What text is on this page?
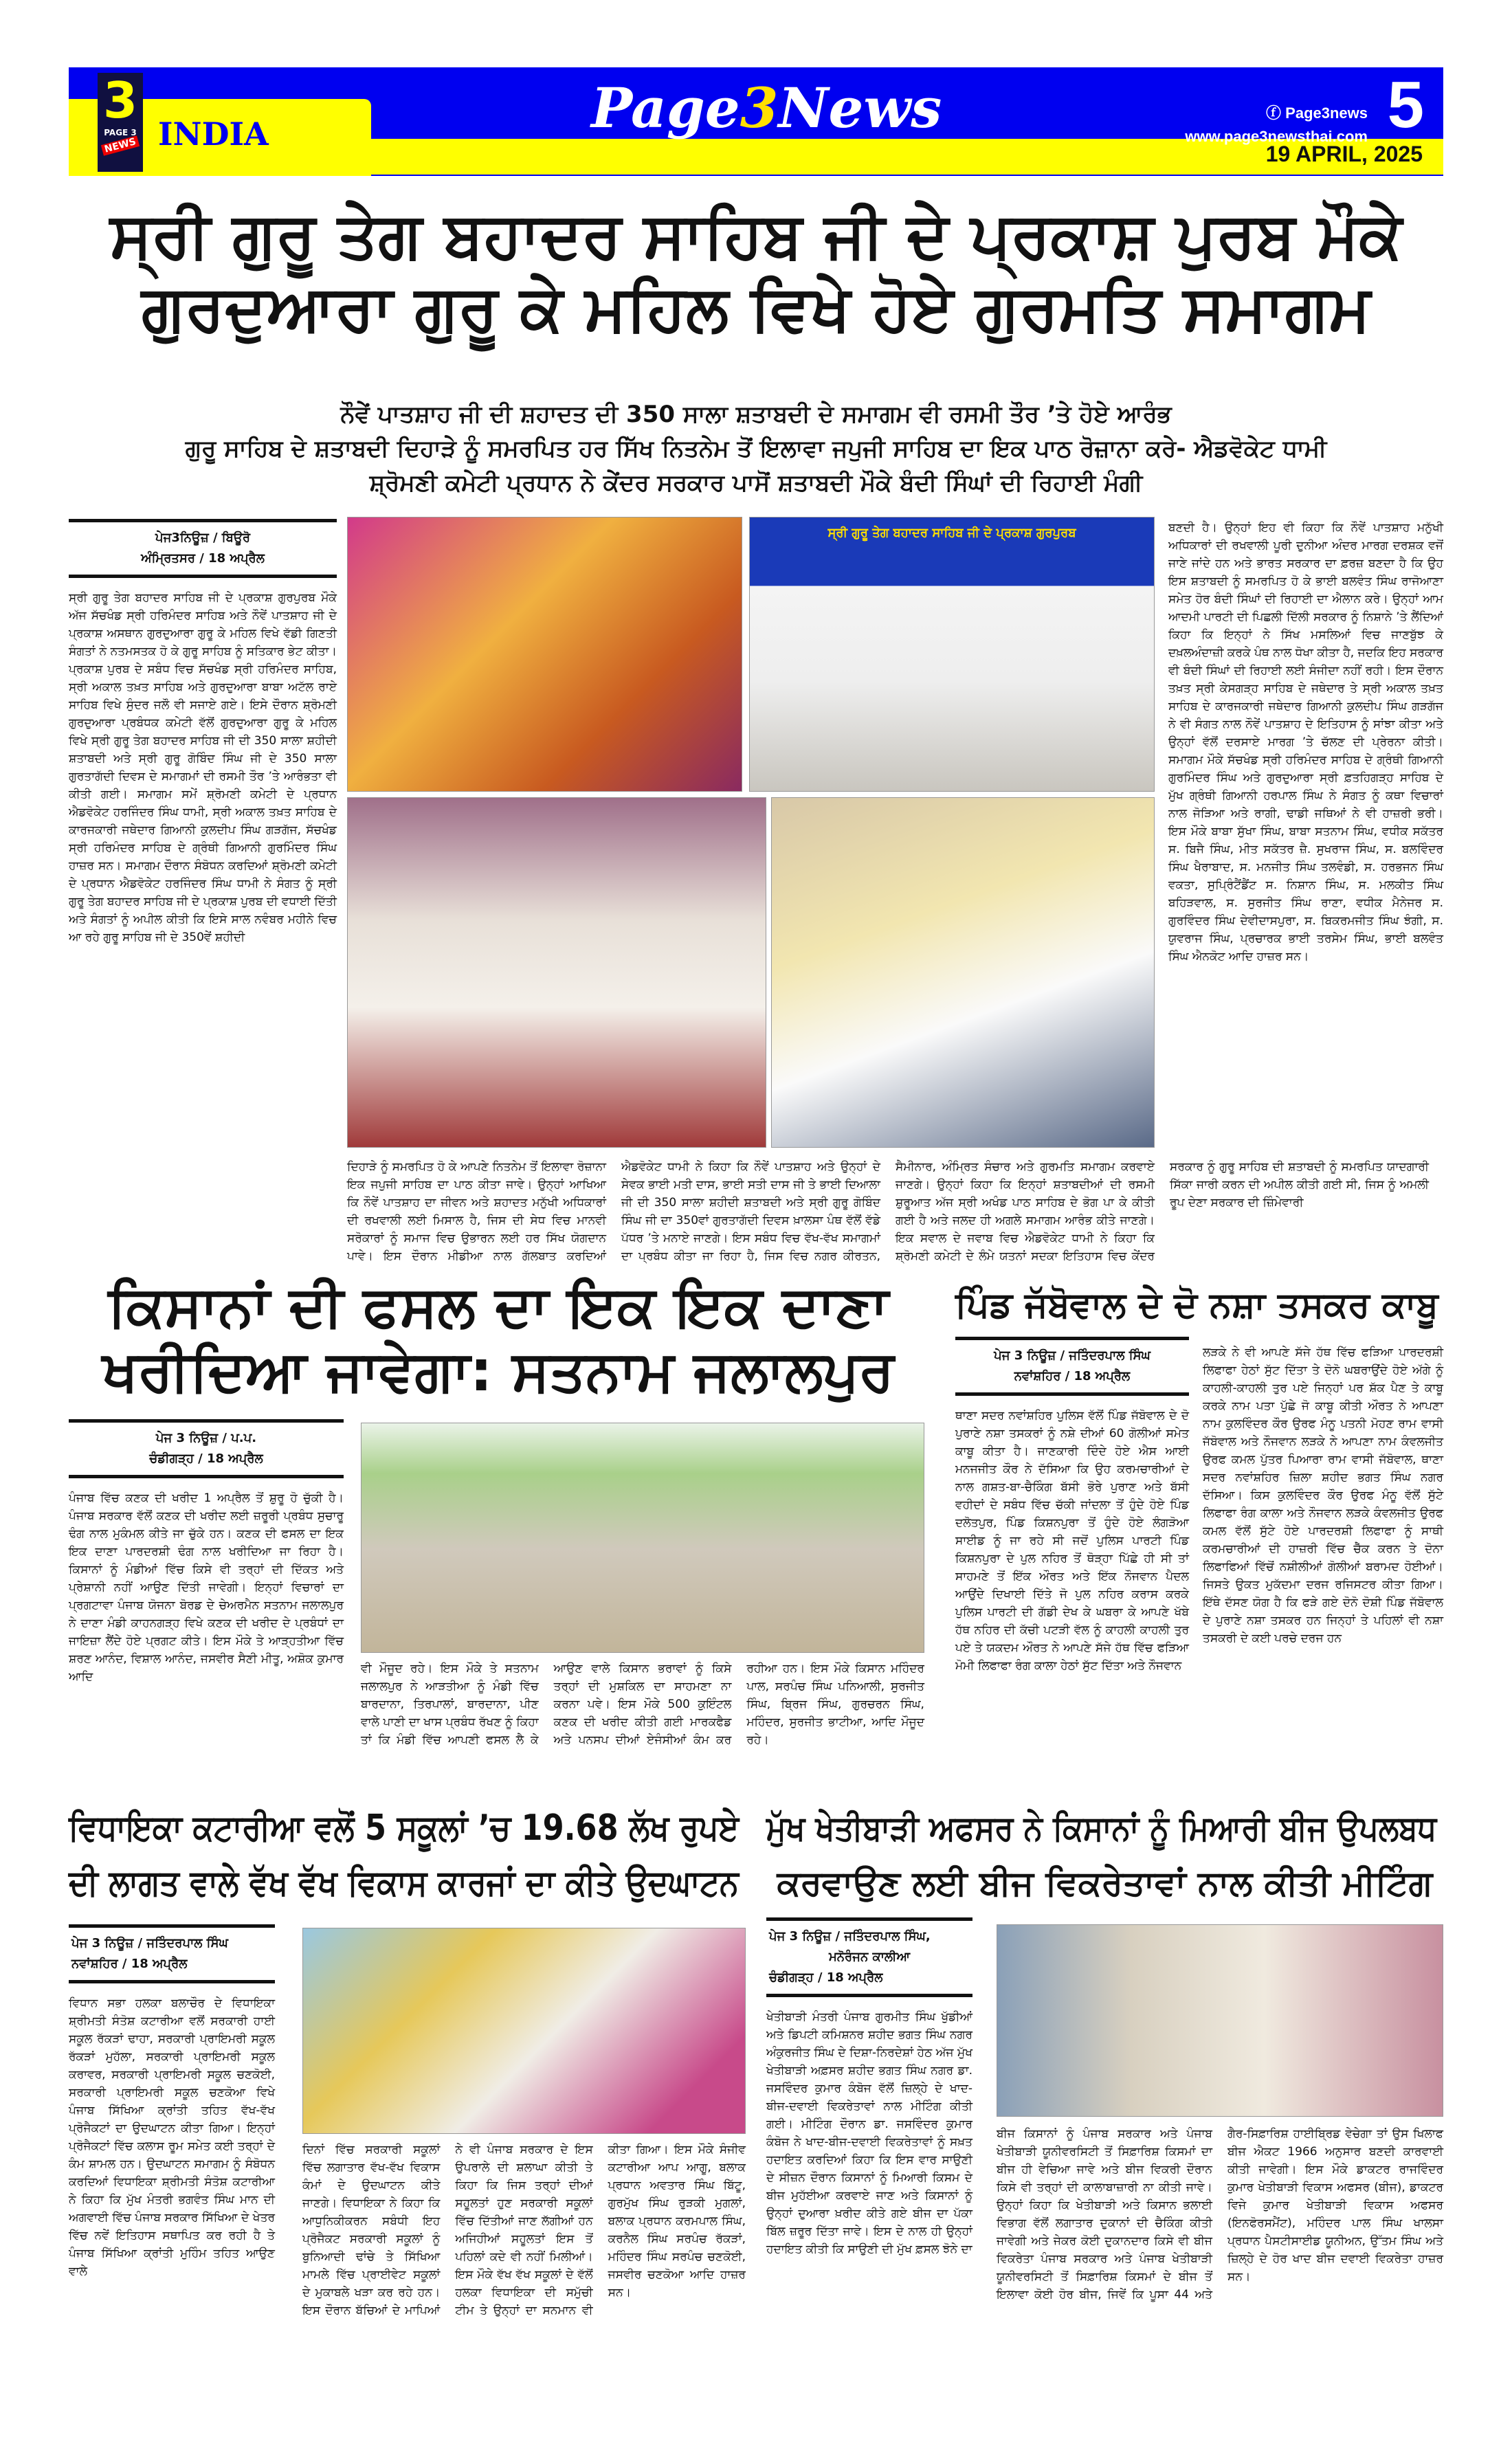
3
PAGE 3
NEWS INDIA	Page3News	ⓕ Page3news
www.page3newsthai.com 5
19 APRIL, 2025
ਸ੍ਰੀ ਗੁਰੂ ਤੇਗ ਬਹਾਦਰ ਸਾਹਿਬ ਜੀ ਦੇ ਪ੍ਰਕਾਸ਼ ਪੁਰਬ ਮੌਕੇ
ਗੁਰਦੁਆਰਾ ਗੁਰੂ ਕੇ ਮਹਿਲ ਵਿਖੇ ਹੋਏ ਗੁਰਮਤਿ ਸਮਾਗਮ
ਨੌਵੇਂ ਪਾਤਸ਼ਾਹ ਜੀ ਦੀ ਸ਼ਹਾਦਤ ਦੀ 350 ਸਾਲਾ ਸ਼ਤਾਬਦੀ ਦੇ ਸਮਾਗਮ ਵੀ ਰਸਮੀ ਤੌਰ ’ਤੇ ਹੋਏ ਆਰੰਭ
ਗੁਰੂ ਸਾਹਿਬ ਦੇ ਸ਼ਤਾਬਦੀ ਦਿਹਾੜੇ ਨੂੰ ਸਮਰਪਿਤ ਹਰ ਸਿੱਖ ਨਿਤਨੇਮ ਤੋਂ ਇਲਾਵਾ ਜਪੁਜੀ ਸਾਹਿਬ ਦਾ ਇਕ ਪਾਠ ਰੋਜ਼ਾਨਾ ਕਰੇ- ਐਡਵੋਕੇਟ ਧਾਮੀ
ਸ਼੍ਰੋਮਣੀ ਕਮੇਟੀ ਪ੍ਰਧਾਨ ਨੇ ਕੇਂਦਰ ਸਰਕਾਰ ਪਾਸੋਂ ਸ਼ਤਾਬਦੀ ਮੌਕੇ ਬੰਦੀ ਸਿੰਘਾਂ ਦੀ ਰਿਹਾਈ ਮੰਗੀ
ਪੇਜ3ਨਿਊਜ਼ / ਬਿਊਰੋ
ਅੰਮ੍ਰਿਤਸਰ / 18 ਅਪ੍ਰੈਲ
ਸ੍ਰੀ ਗੁਰੂ ਤੇਗ ਬਹਾਦਰ ਸਾਹਿਬ ਜੀ ਦੇ ਪ੍ਰਕਾਸ਼ ਗੁਰਪੁਰਬ ਮੌਕੇ ਅੱਜ ਸੱਚਖੰਡ ਸ੍ਰੀ ਹਰਿਮੰਦਰ ਸਾਹਿਬ ਅਤੇ ਨੌਵੇਂ ਪਾਤਸ਼ਾਹ ਜੀ ਦੇ ਪ੍ਰਕਾਸ਼ ਅਸਥਾਨ ਗੁਰਦੁਆਰਾ ਗੁਰੂ ਕੇ ਮਹਿਲ ਵਿਖੇ ਵੱਡੀ ਗਿਣਤੀ ਸੰਗਤਾਂ ਨੇ ਨਤਮਸਤਕ ਹੋ ਕੇ ਗੁਰੂ ਸਾਹਿਬ ਨੂੰ ਸਤਿਕਾਰ ਭੇਟ ਕੀਤਾ। ਪ੍ਰਕਾਸ਼ ਪੁਰਬ ਦੇ ਸਬੰਧ ਵਿਚ ਸੱਚਖੰਡ ਸ੍ਰੀ ਹਰਿਮੰਦਰ ਸਾਹਿਬ, ਸ੍ਰੀ ਅਕਾਲ ਤਖ਼ਤ ਸਾਹਿਬ ਅਤੇ ਗੁਰਦੁਆਰਾ ਬਾਬਾ ਅਟੱਲ ਰਾਏ ਸਾਹਿਬ ਵਿਖੇ ਸੁੰਦਰ ਜਲੌ ਵੀ ਸਜਾਏ ਗਏ। ਇਸੇ ਦੌਰਾਨ ਸ਼੍ਰੋਮਣੀ ਗੁਰਦੁਆਰਾ ਪ੍ਰਬੰਧਕ ਕਮੇਟੀ ਵੱਲੋਂ ਗੁਰਦੁਆਰਾ ਗੁਰੂ ਕੇ ਮਹਿਲ ਵਿਖੇ ਸ੍ਰੀ ਗੁਰੂ ਤੇਗ ਬਹਾਦਰ ਸਾਹਿਬ ਜੀ ਦੀ 350 ਸਾਲਾ ਸ਼ਹੀਦੀ ਸ਼ਤਾਬਦੀ ਅਤੇ ਸ੍ਰੀ ਗੁਰੂ ਗੋਬਿੰਦ ਸਿੰਘ ਜੀ ਦੇ 350 ਸਾਲਾ ਗੁਰਤਾਗੱਦੀ ਦਿਵਸ ਦੇ ਸਮਾਗਮਾਂ ਦੀ ਰਸਮੀ ਤੌਰ ’ਤੇ ਆਰੰਭਤਾ ਵੀ ਕੀਤੀ ਗਈ। ਸਮਾਗਮ ਸਮੇਂ ਸ਼੍ਰੋਮਣੀ ਕਮੇਟੀ ਦੇ ਪ੍ਰਧਾਨ ਐਡਵੋਕੇਟ ਹਰਜਿੰਦਰ ਸਿੰਘ ਧਾਮੀ, ਸ੍ਰੀ ਅਕਾਲ ਤਖ਼ਤ ਸਾਹਿਬ ਦੇ ਕਾਰਜਕਾਰੀ ਜਥੇਦਾਰ ਗਿਆਨੀ ਕੁਲਦੀਪ ਸਿੰਘ ਗੜਗੱਜ, ਸੱਚਖੰਡ ਸ੍ਰੀ ਹਰਿਮੰਦਰ ਸਾਹਿਬ ਦੇ ਗ੍ਰੰਥੀ ਗਿਆਨੀ ਗੁਰਮਿੰਦਰ ਸਿੰਘ ਹਾਜ਼ਰ ਸਨ। ਸਮਾਗਮ ਦੌਰਾਨ ਸੰਬੋਧਨ ਕਰਦਿਆਂ ਸ਼੍ਰੋਮਣੀ ਕਮੇਟੀ ਦੇ ਪ੍ਰਧਾਨ ਐਡਵੋਕੇਟ ਹਰਜਿੰਦਰ ਸਿੰਘ ਧਾਮੀ ਨੇ ਸੰਗਤ ਨੂੰ ਸ੍ਰੀ ਗੁਰੂ ਤੇਗ ਬਹਾਦਰ ਸਾਹਿਬ ਜੀ ਦੇ ਪ੍ਰਕਾਸ਼ ਪੁਰਬ ਦੀ ਵਧਾਈ ਦਿੱਤੀ ਅਤੇ ਸੰਗਤਾਂ ਨੂੰ ਅਪੀਲ ਕੀਤੀ ਕਿ ਇਸੇ ਸਾਲ ਨਵੰਬਰ ਮਹੀਨੇ ਵਿਚ ਆ ਰਹੇ ਗੁਰੂ ਸਾਹਿਬ ਜੀ ਦੇ 350ਵੇਂ ਸ਼ਹੀਦੀ
ਸ੍ਰੀ ਗੁਰੂ ਤੇਗ ਬਹਾਦਰ ਸਾਹਿਬ ਜੀ ਦੇ ਪ੍ਰਕਾਸ਼ ਗੁਰਪੁਰਬ
ਦਿਹਾੜੇ ਨੂੰ ਸਮਰਪਿਤ ਹੋ ਕੇ ਆਪਣੇ ਨਿਤਨੇਮ ਤੋਂ ਇਲਾਵਾ ਰੋਜ਼ਾਨਾ ਇਕ ਜਪੁਜੀ ਸਾਹਿਬ ਦਾ ਪਾਠ ਕੀਤਾ ਜਾਵੇ। ਉਨ੍ਹਾਂ ਆਖਿਆ ਕਿ ਨੌਵੇਂ ਪਾਤਸ਼ਾਹ ਦਾ ਜੀਵਨ ਅਤੇ ਸ਼ਹਾਦਤ ਮਨੁੱਖੀ ਅਧਿਕਾਰਾਂ ਦੀ ਰਖਵਾਲੀ ਲਈ ਮਿਸਾਲ ਹੈ, ਜਿਸ ਦੀ ਸੇਧ ਵਿਚ ਮਾਨਵੀ ਸਰੋਕਾਰਾਂ ਨੂੰ ਸਮਾਜ ਵਿਚ ਉਭਾਰਨ ਲਈ ਹਰ ਸਿੱਖ ਯੋਗਦਾਨ ਪਾਵੇ। ਇਸ ਦੌਰਾਨ ਮੀਡੀਆ ਨਾਲ ਗੱਲਬਾਤ ਕਰਦਿਆਂ ਐਡਵੋਕੇਟ ਧਾਮੀ ਨੇ ਕਿਹਾ ਕਿ ਨੌਵੇਂ ਪਾਤਸ਼ਾਹ ਅਤੇ ਉਨ੍ਹਾਂ ਦੇ ਸੇਵਕ ਭਾਈ ਮਤੀ ਦਾਸ, ਭਾਈ ਸਤੀ ਦਾਸ ਜੀ ਤੇ ਭਾਈ ਦਿਆਲਾ ਜੀ ਦੀ 350 ਸਾਲਾ ਸ਼ਹੀਦੀ ਸ਼ਤਾਬਦੀ ਅਤੇ ਸ੍ਰੀ ਗੁਰੂ ਗੋਬਿੰਦ ਸਿੰਘ ਜੀ ਦਾ 350ਵਾਂ ਗੁਰਤਾਗੱਦੀ ਦਿਵਸ ਖ਼ਾਲਸਾ ਪੰਥ ਵੱਲੋਂ ਵੱਡੇ ਪੱਧਰ ’ਤੇ ਮਨਾਏ ਜਾਣਗੇ। ਇਸ ਸਬੰਧ ਵਿਚ ਵੱਖ-ਵੱਖ ਸਮਾਗਮਾਂ ਦਾ ਪ੍ਰਬੰਧ ਕੀਤਾ ਜਾ ਰਿਹਾ ਹੈ, ਜਿਸ ਵਿਚ ਨਗਰ ਕੀਰਤਨ, ਸੈਮੀਨਾਰ, ਅੰਮ੍ਰਿਤ ਸੰਚਾਰ ਅਤੇ ਗੁਰਮਤਿ ਸਮਾਗਮ ਕਰਵਾਏ ਜਾਣਗੇ। ਉਨ੍ਹਾਂ ਕਿਹਾ ਕਿ ਇਨ੍ਹਾਂ ਸ਼ਤਾਬਦੀਆਂ ਦੀ ਰਸਮੀ ਸ਼ੁਰੂਆਤ ਅੱਜ ਸ੍ਰੀ ਅਖੰਡ ਪਾਠ ਸਾਹਿਬ ਦੇ ਭੋਗ ਪਾ ਕੇ ਕੀਤੀ ਗਈ ਹੈ ਅਤੇ ਜਲਦ ਹੀ ਅਗਲੇ ਸਮਾਗਮ ਆਰੰਭ ਕੀਤੇ ਜਾਣਗੇ। ਇਕ ਸਵਾਲ ਦੇ ਜਵਾਬ ਵਿਚ ਐਡਵੋਕੇਟ ਧਾਮੀ ਨੇ ਕਿਹਾ ਕਿ ਸ਼੍ਰੋਮਣੀ ਕਮੇਟੀ ਦੇ ਲੰਮੇ ਯਤਨਾਂ ਸਦਕਾ ਇਤਿਹਾਸ ਵਿਚ ਕੇਂਦਰ ਸਰਕਾਰ ਨੂੰ ਗੁਰੂ ਸਾਹਿਬ ਦੀ ਸ਼ਤਾਬਦੀ ਨੂੰ ਸਮਰਪਿਤ ਯਾਦਗਾਰੀ ਸਿੱਕਾ ਜਾਰੀ ਕਰਨ ਦੀ ਅਪੀਲ ਕੀਤੀ ਗਈ ਸੀ, ਜਿਸ ਨੂੰ ਅਮਲੀ ਰੂਪ ਦੇਣਾ ਸਰਕਾਰ ਦੀ ਜ਼ਿੰਮੇਵਾਰੀ
ਬਣਦੀ ਹੈ। ਉਨ੍ਹਾਂ ਇਹ ਵੀ ਕਿਹਾ ਕਿ ਨੌਵੇਂ ਪਾਤਸ਼ਾਹ ਮਨੁੱਖੀ ਅਧਿਕਾਰਾਂ ਦੀ ਰਖਵਾਲੀ ਪੂਰੀ ਦੁਨੀਆ ਅੰਦਰ ਮਾਰਗ ਦਰਸ਼ਕ ਵਜੋਂ ਜਾਣੇ ਜਾਂਦੇ ਹਨ ਅਤੇ ਭਾਰਤ ਸਰਕਾਰ ਦਾ ਫ਼ਰਜ਼ ਬਣਦਾ ਹੈ ਕਿ ਉਹ ਇਸ ਸ਼ਤਾਬਦੀ ਨੂੰ ਸਮਰਪਿਤ ਹੋ ਕੇ ਭਾਈ ਬਲਵੰਤ ਸਿੰਘ ਰਾਜੋਆਣਾ ਸਮੇਤ ਹੋਰ ਬੰਦੀ ਸਿੰਘਾਂ ਦੀ ਰਿਹਾਈ ਦਾ ਐਲਾਨ ਕਰੇ। ਉਨ੍ਹਾਂ ਆਮ ਆਦਮੀ ਪਾਰਟੀ ਦੀ ਪਿਛਲੀ ਦਿੱਲੀ ਸਰਕਾਰ ਨੂੰ ਨਿਸ਼ਾਨੇ ’ਤੇ ਲੈਂਦਿਆਂ ਕਿਹਾ ਕਿ ਇਨ੍ਹਾਂ ਨੇ ਸਿੱਖ ਮਸਲਿਆਂ ਵਿਚ ਜਾਣਬੁੱਝ ਕੇ ਦਖ਼ਲਅੰਦਾਜ਼ੀ ਕਰਕੇ ਪੰਥ ਨਾਲ ਧੋਖਾ ਕੀਤਾ ਹੈ, ਜਦਕਿ ਇਹ ਸਰਕਾਰ ਵੀ ਬੰਦੀ ਸਿੰਘਾਂ ਦੀ ਰਿਹਾਈ ਲਈ ਸੰਜੀਦਾ ਨਹੀਂ ਰਹੀ। ਇਸ ਦੌਰਾਨ ਤਖ਼ਤ ਸ੍ਰੀ ਕੇਸਗੜ੍ਹ ਸਾਹਿਬ ਦੇ ਜਥੇਦਾਰ ਤੇ ਸ੍ਰੀ ਅਕਾਲ ਤਖ਼ਤ ਸਾਹਿਬ ਦੇ ਕਾਰਜਕਾਰੀ ਜਥੇਦਾਰ ਗਿਆਨੀ ਕੁਲਦੀਪ ਸਿੰਘ ਗੜਗੱਜ ਨੇ ਵੀ ਸੰਗਤ ਨਾਲ ਨੌਵੇਂ ਪਾਤਸ਼ਾਹ ਦੇ ਇਤਿਹਾਸ ਨੂੰ ਸਾਂਝਾ ਕੀਤਾ ਅਤੇ ਉਨ੍ਹਾਂ ਵੱਲੋਂ ਦਰਸਾਏ ਮਾਰਗ ’ਤੇ ਚੱਲਣ ਦੀ ਪ੍ਰੇਰਨਾ ਕੀਤੀ। ਸਮਾਗਮ ਮੌਕੇ ਸੱਚਖੰਡ ਸ੍ਰੀ ਹਰਿਮੰਦਰ ਸਾਹਿਬ ਦੇ ਗ੍ਰੰਥੀ ਗਿਆਨੀ ਗੁਰਮਿੰਦਰ ਸਿੰਘ ਅਤੇ ਗੁਰਦੁਆਰਾ ਸ੍ਰੀ ਫ਼ਤਹਿਗੜ੍ਹ ਸਾਹਿਬ ਦੇ ਮੁੱਖ ਗ੍ਰੰਥੀ ਗਿਆਨੀ ਹਰਪਾਲ ਸਿੰਘ ਨੇ ਸੰਗਤ ਨੂੰ ਕਥਾ ਵਿਚਾਰਾਂ ਨਾਲ ਜੋੜਿਆ ਅਤੇ ਰਾਗੀ, ਢਾਡੀ ਜਥਿਆਂ ਨੇ ਵੀ ਹਾਜ਼ਰੀ ਭਰੀ। ਇਸ ਮੌਕੇ ਬਾਬਾ ਸੁੱਖਾ ਸਿੰਘ, ਬਾਬਾ ਸਤਨਾਮ ਸਿੰਘ, ਵਧੀਕ ਸਕੱਤਰ ਸ. ਬਿਜੈ ਸਿੰਘ, ਮੀਤ ਸਕੱਤਰ ਜ਼ੈ. ਸੁਖਰਾਜ ਸਿੰਘ, ਸ. ਬਲਵਿੰਦਰ ਸਿੰਘ ਖੈਰਾਬਾਦ, ਸ. ਮਨਜੀਤ ਸਿੰਘ ਤਲਵੰਡੀ, ਸ. ਹਰਭਜਨ ਸਿੰਘ ਵਕਤਾ, ਸੁਪ੍ਰਿੰਟੈਂਡੈਂਟ ਸ. ਨਿਸ਼ਾਨ ਸਿੰਘ, ਸ. ਮਲਕੀਤ ਸਿੰਘ ਬਹਿੜਵਾਲ, ਸ. ਸੁਰਜੀਤ ਸਿੰਘ ਰਾਣਾ, ਵਧੀਕ ਮੈਨੇਜਰ ਸ. ਗੁਰਵਿੰਦਰ ਸਿੰਘ ਦੇਵੀਦਾਸਪੁਰਾ, ਸ. ਬਿਕਰਮਜੀਤ ਸਿੰਘ ਝੰਗੀ, ਸ. ਯੁਵਰਾਜ ਸਿੰਘ, ਪ੍ਰਚਾਰਕ ਭਾਈ ਤਰਸੇਮ ਸਿੰਘ, ਭਾਈ ਬਲਵੰਤ ਸਿੰਘ ਐਨਕੋਟ ਆਦਿ ਹਾਜ਼ਰ ਸਨ।
ਕਿਸਾਨਾਂ ਦੀ ਫਸਲ ਦਾ ਇਕ ਇਕ ਦਾਣਾ
ਖਰੀਦਿਆ ਜਾਵੇਗਾ: ਸਤਨਾਮ ਜਲਾਲਪੁਰ
ਪੇਜ 3 ਨਿਊਜ਼ / ਪ.ਪ.
ਚੰਡੀਗੜ੍ਹ / 18 ਅਪ੍ਰੈਲ
ਪੰਜਾਬ ਵਿੱਚ ਕਣਕ ਦੀ ਖਰੀਦ 1 ਅਪ੍ਰੈਲ ਤੋਂ ਸ਼ੁਰੂ ਹੋ ਚੁੱਕੀ ਹੈ। ਪੰਜਾਬ ਸਰਕਾਰ ਵੱਲੋਂ ਕਣਕ ਦੀ ਖਰੀਦ ਲਈ ਜ਼ਰੂਰੀ ਪ੍ਰਬੰਧ ਸੁਚਾਰੂ ਢੰਗ ਨਾਲ ਮੁਕੰਮਲ ਕੀਤੇ ਜਾ ਚੁੱਕੇ ਹਨ। ਕਣਕ ਦੀ ਫਸਲ ਦਾ ਇਕ ਇਕ ਦਾਣਾ ਪਾਰਦਰਸ਼ੀ ਢੰਗ ਨਾਲ ਖਰੀਦਿਆ ਜਾ ਰਿਹਾ ਹੈ। ਕਿਸਾਨਾਂ ਨੂੰ ਮੰਡੀਆਂ ਵਿੱਚ ਕਿਸੇ ਵੀ ਤਰ੍ਹਾਂ ਦੀ ਦਿੱਕਤ ਅਤੇ ਪ੍ਰੇਸ਼ਾਨੀ ਨਹੀਂ ਆਉਣ ਦਿੱਤੀ ਜਾਵੇਗੀ। ਇਨ੍ਹਾਂ ਵਿਚਾਰਾਂ ਦਾ ਪ੍ਰਗਟਾਵਾ ਪੰਜਾਬ ਯੋਜਨਾ ਬੋਰਡ ਦੇ ਚੇਅਰਮੈਨ ਸਤਨਾਮ ਜਲਾਲਪੁਰ ਨੇ ਦਾਣਾ ਮੰਡੀ ਕਾਹਨਗੜ੍ਹ ਵਿਖੇ ਕਣਕ ਦੀ ਖਰੀਦ ਦੇ ਪ੍ਰਬੰਧਾਂ ਦਾ ਜਾਇਜ਼ਾ ਲੈਂਦੇ ਹੋਏ ਪ੍ਰਗਟ ਕੀਤੇ। ਇਸ ਮੌਕੇ ਤੇ ਆੜ੍ਹਤੀਆ ਵਿੱਚ ਸ਼ਰਣ ਆਨੰਦ, ਵਿਸ਼ਾਲ ਆਨੰਦ, ਜਸਵੀਰ ਸੈਣੀ ਮੀਤੂ, ਅਸ਼ੋਕ ਕੁਮਾਰ ਆਦਿ
ਵੀ ਮੌਜੂਦ ਰਹੇ। ਇਸ ਮੌਕੇ ਤੇ ਸਤਨਾਮ ਜਲਾਲਪੁਰ ਨੇ ਆੜਤੀਆ ਨੂੰ ਮੰਡੀ ਵਿੱਚ ਬਾਰਦਾਨਾ, ਤਿਰਪਾਲਾਂ, ਬਾਰਦਾਨਾ, ਪੀਣ ਵਾਲੇ ਪਾਣੀ ਦਾ ਖਾਸ ਪ੍ਰਬੰਧ ਰੱਖਣ ਨੂੰ ਕਿਹਾ ਤਾਂ ਕਿ ਮੰਡੀ ਵਿੱਚ ਆਪਣੀ ਫਸਲ ਲੈ ਕੇ ਆਉਣ ਵਾਲੇ ਕਿਸਾਨ ਭਰਾਵਾਂ ਨੂੰ ਕਿਸੇ ਤਰ੍ਹਾਂ ਦੀ ਮੁਸ਼ਕਿਲ ਦਾ ਸਾਹਮਣਾ ਨਾ ਕਰਨਾ ਪਵੇ। ਇਸ ਮੌਕੇ 500 ਕੁਇੰਟਲ ਕਣਕ ਦੀ ਖਰੀਦ ਕੀਤੀ ਗਈ ਮਾਰਕਫੈਡ ਅਤੇ ਪਨਸਪ ਦੀਆਂ ਏਜੰਸੀਆਂ ਕੰਮ ਕਰ ਰਹੀਆ ਹਨ। ਇਸ ਮੌਕੇ ਕਿਸਾਨ ਮਹਿੰਦਰ ਪਾਲ, ਸਰਪੰਚ ਸਿੰਘ ਪਨਿਆਲੀ, ਸੁਰਜੀਤ ਸਿੰਘ, ਬ੍ਰਿਜ ਸਿੰਘ, ਗੁਰਚਰਨ ਸਿੰਘ, ਮਹਿੰਦਰ, ਸੁਰਜੀਤ ਭਾਟੀਆ, ਆਦਿ ਮੌਜੂਦ ਰਹੇ।
ਪਿੰਡ ਜੱਬੋਵਾਲ ਦੇ ਦੋ ਨਸ਼ਾ ਤਸਕਰ ਕਾਬੂ
ਪੇਜ 3 ਨਿਊਜ਼ / ਜਤਿੰਦਰਪਾਲ ਸਿੰਘ
ਨਵਾਂਸ਼ਹਿਰ / 18 ਅਪ੍ਰੈਲ
ਥਾਣਾ ਸਦਰ ਨਵਾਂਸ਼ਹਿਰ ਪੁਲਿਸ ਵੱਲੋਂ ਪਿੰਡ ਜੱਬੋਵਾਲ ਦੇ ਦੋ ਪੁਰਾਣੇ ਨਸ਼ਾ ਤਸਕਰਾਂ ਨੂੰ ਨਸ਼ੇ ਦੀਆਂ 60 ਗੋਲੀਆਂ ਸਮੇਤ ਕਾਬੂ ਕੀਤਾ ਹੈ। ਜਾਣਕਾਰੀ ਦਿੰਦੇ ਹੋਏ ਐਸ ਆਈ ਮਨਜਜੀਤ ਕੌਰ ਨੇ ਦੱਸਿਆ ਕਿ ਉਹ ਕਰਮਚਾਰੀਆਂ ਦੇ ਨਾਲ ਗਸ਼ਤ-ਬਾ-ਚੈਕਿੰਗ ਬੱਸੀ ਭੋਰੇ ਪੁਰਾਣ ਅਤੇ ਬੱਸੀ ਵਹੀਦਾਂ ਦੇ ਸਬੰਧ ਵਿੱਚ ਚੱਕੀ ਜਾਂਦਲਾ ਤੋਂ ਹੁੰਦੇ ਹੋਏ ਪਿੰਡ ਦਲੋਤਪੁਰ, ਪਿੰਡ ਕਿਸ਼ਨਪੁਰਾ ਤੋਂ ਹੁੰਦੇ ਹੋਏ ਲੰਗੜੋਆ ਸਾਈਡ ਨੂੰ ਜਾ ਰਹੇ ਸੀ ਜਦੋਂ ਪੁਲਿਸ ਪਾਰਟੀ ਪਿੰਡ ਕਿਸ਼ਨਪੁਰਾ ਦੇ ਪੁਲ ਨਹਿਰ ਤੋਂ ਥੋੜ੍ਹਾ ਪਿੱਛੇ ਹੀ ਸੀ ਤਾਂ ਸਾਹਮਣੇ ਤੋਂ ਇੱਕ ਔਰਤ ਅਤੇ ਇੱਕ ਨੌਜਵਾਨ ਪੈਦਲ ਆਉਂਦੇ ਦਿਖਾਈ ਦਿੱਤੇ ਜੋ ਪੁਲ ਨਹਿਰ ਕਰਾਸ ਕਰਕੇ ਪੁਲਿਸ ਪਾਰਟੀ ਦੀ ਗੱਡੀ ਦੇਖ ਕੇ ਘਬਰਾ ਕੇ ਆਪਣੇ ਖੱਬੇ ਹੱਥ ਨਹਿਰ ਦੀ ਕੱਚੀ ਪਟੜੀ ਵੱਲ ਨੂੰ ਕਾਹਲੀ ਕਾਹਲੀ ਤੁਰ ਪਏ ਤੇ ਯਕਦਮ ਔਰਤ ਨੇ ਆਪਣੇ ਸੱਜੇ ਹੱਥ ਵਿੱਚ ਫੜਿਆ ਮੋਮੀ ਲਿਫਾਫਾ ਰੰਗ ਕਾਲਾ ਹੇਠਾਂ ਸੁੱਟ ਦਿੱਤਾ ਅਤੇ ਨੌਜਵਾਨ
ਲੜਕੇ ਨੇ ਵੀ ਆਪਣੇ ਸੱਜੇ ਹੱਥ ਵਿੱਚ ਫੜਿਆ ਪਾਰਦਰਸ਼ੀ ਲਿਫਾਫਾ ਹੇਠਾਂ ਸੁੱਟ ਦਿੱਤਾ ਤੇ ਦੋਨੋ ਘਬਰਾਉਂਦੇ ਹੋਏ ਅੱਗੇ ਨੂੰ ਕਾਹਲੀ-ਕਾਹਲੀ ਤੁਰ ਪਏ ਜਿਨ੍ਹਾਂ ਪਰ ਸ਼ੱਕ ਪੈਣ ਤੇ ਕਾਬੂ ਕਰਕੇ ਨਾਮ ਪਤਾ ਪੁੱਛੇ ਜੋ ਕਾਬੂ ਕੀਤੀ ਔਰਤ ਨੇ ਆਪਣਾ ਨਾਮ ਕੁਲਵਿੰਦਰ ਕੌਰ ਉਰਫ ਮੰਨੂ ਪਤਨੀ ਮੋਹਣ ਰਾਮ ਵਾਸੀ ਜੱਬੋਵਾਲ ਅਤੇ ਨੌਜਵਾਨ ਲੜਕੇ ਨੇ ਆਪਣਾ ਨਾਮ ਕੰਵਲਜੀਤ ਉਰਫ ਕਮਲ ਪੁੱਤਰ ਪਿਆਰਾ ਰਾਮ ਵਾਸੀ ਜੱਬੋਵਾਲ, ਥਾਣਾ ਸਦਰ ਨਵਾਂਸ਼ਹਿਰ ਜ਼ਿਲਾ ਸ਼ਹੀਦ ਭਗਤ ਸਿੰਘ ਨਗਰ ਦੱਸਿਆ। ਕਿਸ ਕੁਲਵਿੰਦਰ ਕੌਰ ਉਰਫ ਮੰਨੂ ਵੱਲੋਂ ਸੁੱਟੇ ਲਿਫਾਫਾ ਰੰਗ ਕਾਲਾ ਅਤੇ ਨੌਜਵਾਨ ਲੜਕੇ ਕੰਵਲਜੀਤ ਉਰਫ ਕਮਲ ਵੱਲੋਂ ਸੁੱਟੇ ਹੋਏ ਪਾਰਦਰਸ਼ੀ ਲਿਫਾਫਾ ਨੂੰ ਸਾਥੀ ਕਰਮਚਾਰੀਆਂ ਦੀ ਹਾਜ਼ਰੀ ਵਿੱਚ ਚੈੱਕ ਕਰਨ ਤੇ ਦੋਨਾ ਲਿਫਾਫਿਆਂ ਵਿੱਚੋਂ ਨਸ਼ੀਲੀਆਂ ਗੋਲੀਆਂ ਬਰਾਮਦ ਹੋਈਆਂ। ਜਿਸਤੇ ਉਕਤ ਮੁਕੱਦਮਾ ਦਰਜ ਰਜਿਸਟਰ ਕੀਤਾ ਗਿਆ। ਇੱਥੇ ਦੱਸਣ ਯੋਗ ਹੈ ਕਿ ਫੜੇ ਗਏ ਦੋਨੋ ਦੋਸ਼ੀ ਪਿੰਡ ਜੱਬੋਵਾਲ ਦੇ ਪੁਰਾਣੇ ਨਸ਼ਾ ਤਸਕਰ ਹਨ ਜਿਨ੍ਹਾਂ ਤੇ ਪਹਿਲਾਂ ਵੀ ਨਸ਼ਾ ਤਸਕਰੀ ਦੇ ਕਈ ਪਰਚੇ ਦਰਜ ਹਨ
ਵਿਧਾਇਕਾ ਕਟਾਰੀਆ ਵਲੋਂ 5 ਸਕੂਲਾਂ ’ਚ 19.68 ਲੱਖ ਰੁਪਏ
ਦੀ ਲਾਗਤ ਵਾਲੇ ਵੱਖ ਵੱਖ ਵਿਕਾਸ ਕਾਰਜਾਂ ਦਾ ਕੀਤੇ ਉਦਘਾਟਨ
ਪੇਜ 3 ਨਿਊਜ਼ / ਜਤਿੰਦਰਪਾਲ ਸਿੰਘ
ਨਵਾਂਸ਼ਹਿਰ / 18 ਅਪ੍ਰੈਲ
ਵਿਧਾਨ ਸਭਾ ਹਲਕਾ ਬਲਾਚੌਰ ਦੇ ਵਿਧਾਇਕਾ ਸ਼੍ਰੀਮਤੀ ਸੰਤੋਸ਼ ਕਟਾਰੀਆ ਵਲੋਂ ਸਰਕਾਰੀ ਹਾਈ ਸਕੂਲ ਰੱਕੜਾਂ ਢਾਹਾ, ਸਰਕਾਰੀ ਪ੍ਰਾਇਮਰੀ ਸਕੂਲ ਰੱਕੜਾਂ ਮੁਹੱਲਾ, ਸਰਕਾਰੀ ਪ੍ਰਾਇਮਰੀ ਸਕੂਲ ਕਰਾਵਰ, ਸਰਕਾਰੀ ਪ੍ਰਾਇਮਰੀ ਸਕੂਲ ਚਣਕੋਈ, ਸਰਕਾਰੀ ਪ੍ਰਾਇਮਰੀ ਸਕੂਲ ਚਣਕੋਆ ਵਿਖੇ ਪੰਜਾਬ ਸਿੱਖਿਆ ਕ੍ਰਾਂਤੀ ਤਹਿਤ ਵੱਖ-ਵੱਖ ਪ੍ਰੋਜੈਕਟਾਂ ਦਾ ਉਦਘਾਟਨ ਕੀਤਾ ਗਿਆ। ਇਨ੍ਹਾਂ ਪ੍ਰੋਜੈਕਟਾਂ ਵਿੱਚ ਕਲਾਸ ਰੂਮ ਸਮੇਤ ਕਈ ਤਰ੍ਹਾਂ ਦੇ ਕੰਮ ਸ਼ਾਮਲ ਹਨ। ਉਦਘਾਟਨ ਸਮਾਗਮ ਨੂੰ ਸੰਬੋਧਨ ਕਰਦਿਆਂ ਵਿਧਾਇਕਾ ਸ਼੍ਰੀਮਤੀ ਸੰਤੋਸ਼ ਕਟਾਰੀਆ ਨੇ ਕਿਹਾ ਕਿ ਮੁੱਖ ਮੰਤਰੀ ਭਗਵੰਤ ਸਿੰਘ ਮਾਨ ਦੀ ਅਗਵਾਈ ਵਿੱਚ ਪੰਜਾਬ ਸਰਕਾਰ ਸਿੱਖਿਆ ਦੇ ਖੇਤਰ ਵਿੱਚ ਨਵੇਂ ਇਤਿਹਾਸ ਸਥਾਪਿਤ ਕਰ ਰਹੀ ਹੈ ਤੇ ਪੰਜਾਬ ਸਿੱਖਿਆ ਕ੍ਰਾਂਤੀ ਮੁਹਿੰਮ ਤਹਿਤ ਆਉਣ ਵਾਲੇ
ਦਿਨਾਂ ਵਿੱਚ ਸਰਕਾਰੀ ਸਕੂਲਾਂ ਵਿੱਚ ਲਗਾਤਾਰ ਵੱਖ-ਵੱਖ ਵਿਕਾਸ ਕੰਮਾਂ ਦੇ ਉਦਘਾਟਨ ਕੀਤੇ ਜਾਣਗੇ। ਵਿਧਾਇਕਾ ਨੇ ਕਿਹਾ ਕਿ ਆਧੁਨਿਕੀਕਰਨ ਸਬੰਧੀ ਇਹ ਪ੍ਰੋਜੈਕਟ ਸਰਕਾਰੀ ਸਕੂਲਾਂ ਨੂੰ ਬੁਨਿਆਦੀ ਢਾਂਚੇ ਤੇ ਸਿੱਖਿਆ ਮਾਮਲੇ ਵਿੱਚ ਪ੍ਰਾਈਵੇਟ ਸਕੂਲਾਂ ਦੇ ਮੁਕਾਬਲੇ ਖੜਾ ਕਰ ਰਹੇ ਹਨ। ਇਸ ਦੌਰਾਨ ਬੱਚਿਆਂ ਦੇ ਮਾਪਿਆਂ ਨੇ ਵੀ ਪੰਜਾਬ ਸਰਕਾਰ ਦੇ ਇਸ ਉਪਰਾਲੇ ਦੀ ਸ਼ਲਾਘਾ ਕੀਤੀ ਤੇ ਕਿਹਾ ਕਿ ਜਿਸ ਤਰ੍ਹਾਂ ਦੀਆਂ ਸਹੂਲਤਾਂ ਹੁਣ ਸਰਕਾਰੀ ਸਕੂਲਾਂ ਵਿੱਚ ਦਿੱਤੀਆਂ ਜਾਣ ਲੱਗੀਆਂ ਹਨ ਅਜਿਹੀਆਂ ਸਹੂਲਤਾਂ ਇਸ ਤੋਂ ਪਹਿਲਾਂ ਕਦੇ ਵੀ ਨਹੀਂ ਮਿਲੀਆਂ। ਇਸ ਮੌਕੇ ਵੱਖ ਵੱਖ ਸਕੂਲਾਂ ਦੇ ਵੱਲੋਂ ਹਲਕਾ ਵਿਧਾਇਕਾ ਦੀ ਸਮੁੱਚੀ ਟੀਮ ਤੇ ਉਨ੍ਹਾਂ ਦਾ ਸਨਮਾਨ ਵੀ ਕੀਤਾ ਗਿਆ। ਇਸ ਮੌਕੇ ਸੰਜੀਵ ਕਟਾਰੀਆ ਆਪ ਆਗੂ, ਬਲਾਕ ਪ੍ਰਧਾਨ ਅਵਤਾਰ ਸਿੰਘ ਬਿੱਟੂ, ਗੁਰਮੁੱਖ ਸਿੰਘ ਰੁੜਕੀ ਮੁਗਲਾਂ, ਬਲਾਕ ਪ੍ਰਧਾਨ ਕਰਮਪਾਲ ਸਿੰਘ, ਕਰਨੈਲ ਸਿੰਘ ਸਰਪੰਚ ਰੱਕੜਾਂ, ਮਹਿੰਦਰ ਸਿੰਘ ਸਰਪੰਚ ਚਣਕੋਈ, ਜਸਵੀਰ ਚਣਕੋਆ ਆਦਿ ਹਾਜ਼ਰ ਸਨ।
ਮੁੱਖ ਖੇਤੀਬਾੜੀ ਅਫਸਰ ਨੇ ਕਿਸਾਨਾਂ ਨੂੰ ਮਿਆਰੀ ਬੀਜ ਉਪਲਬਧ
ਕਰਵਾਉਣ ਲਈ ਬੀਜ ਵਿਕਰੇਤਾਵਾਂ ਨਾਲ ਕੀਤੀ ਮੀਟਿੰਗ
ਪੇਜ 3 ਨਿਊਜ਼ / ਜਤਿੰਦਰਪਾਲ ਸਿੰਘ,
ਮਨੋਰੰਜਨ ਕਾਲੀਆ
ਚੰਡੀਗੜ੍ਹ / 18 ਅਪ੍ਰੈਲ
ਖੇਤੀਬਾੜੀ ਮੰਤਰੀ ਪੰਜਾਬ ਗੁਰਮੀਤ ਸਿੰਘ ਖੁੱਡੀਆਂ ਅਤੇ ਡਿਪਟੀ ਕਮਿਸ਼ਨਰ ਸ਼ਹੀਦ ਭਗਤ ਸਿੰਘ ਨਗਰ ਅੰਕੁਰਜੀਤ ਸਿੰਘ ਦੇ ਦਿਸ਼ਾ-ਨਿਰਦੇਸ਼ਾਂ ਹੇਠ ਅੱਜ ਮੁੱਖ ਖੇਤੀਬਾੜੀ ਅਫ਼ਸਰ ਸ਼ਹੀਦ ਭਗਤ ਸਿੰਘ ਨਗਰ ਡਾ. ਜਸਵਿੰਦਰ ਕੁਮਾਰ ਕੰਬੋਜ ਵੱਲੋਂ ਜ਼ਿਲ੍ਹੇ ਦੇ ਖਾਦ-ਬੀਜ-ਦਵਾਈ ਵਿਕਰੇਤਾਵਾਂ ਨਾਲ ਮੀਟਿੰਗ ਕੀਤੀ ਗਈ। ਮੀਟਿੰਗ ਦੌਰਾਨ ਡਾ. ਜਸਵਿੰਦਰ ਕੁਮਾਰ ਕੰਬੋਜ ਨੇ ਖਾਦ-ਬੀਜ-ਦਵਾਈ ਵਿਕਰੇਤਾਵਾਂ ਨੂੰ ਸਖ਼ਤ ਹਦਾਇਤ ਕਰਦਿਆਂ ਕਿਹਾ ਕਿ ਇਸ ਵਾਰ ਸਾਉਣੀ ਦੇ ਸੀਜ਼ਨ ਦੌਰਾਨ ਕਿਸਾਨਾਂ ਨੂੰ ਮਿਆਰੀ ਕਿਸਮ ਦੇ ਬੀਜ ਮੁਹੱਈਆ ਕਰਵਾਏ ਜਾਣ ਅਤੇ ਕਿਸਾਨਾਂ ਨੂੰ ਉਨ੍ਹਾਂ ਦੁਆਰਾ ਖ਼ਰੀਦ ਕੀਤੇ ਗਏ ਬੀਜ ਦਾ ਪੱਕਾ ਬਿੱਲ ਜ਼ਰੂਰ ਦਿੱਤਾ ਜਾਵੇ। ਇਸ ਦੇ ਨਾਲ ਹੀ ਉਨ੍ਹਾਂ ਹਦਾਇਤ ਕੀਤੀ ਕਿ ਸਾਉਣੀ ਦੀ ਮੁੱਖ ਫ਼ਸਲ ਝੋਨੇ ਦਾ
ਬੀਜ ਕਿਸਾਨਾਂ ਨੂੰ ਪੰਜਾਬ ਸਰਕਾਰ ਅਤੇ ਪੰਜਾਬ ਖੇਤੀਬਾੜੀ ਯੂਨੀਵਰਸਿਟੀ ਤੋਂ ਸਿਫ਼ਾਰਿਸ਼ ਕਿਸਮਾਂ ਦਾ ਬੀਜ ਹੀ ਵੇਚਿਆ ਜਾਵੇ ਅਤੇ ਬੀਜ ਵਿਕਰੀ ਦੌਰਾਨ ਕਿਸੇ ਵੀ ਤਰ੍ਹਾਂ ਦੀ ਕਾਲਾਬਾਜ਼ਾਰੀ ਨਾ ਕੀਤੀ ਜਾਵੇ। ਉਨ੍ਹਾਂ ਕਿਹਾ ਕਿ ਖੇਤੀਬਾੜੀ ਅਤੇ ਕਿਸਾਨ ਭਲਾਈ ਵਿਭਾਗ ਵੱਲੋਂ ਲਗਾਤਾਰ ਦੁਕਾਨਾਂ ਦੀ ਚੈਕਿੰਗ ਕੀਤੀ ਜਾਵੇਗੀ ਅਤੇ ਜੇਕਰ ਕੋਈ ਦੁਕਾਨਦਾਰ ਕਿਸੇ ਵੀ ਬੀਜ ਵਿਕਰੇਤਾ ਪੰਜਾਬ ਸਰਕਾਰ ਅਤੇ ਪੰਜਾਬ ਖੇਤੀਬਾੜੀ ਯੂਨੀਵਰਸਿਟੀ ਤੋਂ ਸਿਫ਼ਾਰਿਸ਼ ਕਿਸਮਾਂ ਦੇ ਬੀਜ ਤੋਂ ਇਲਾਵਾ ਕੋਈ ਹੋਰ ਬੀਜ, ਜਿਵੇਂ ਕਿ ਪੂਸਾ 44 ਅਤੇ ਗੈਰ-ਸਿਫ਼ਾਰਿਸ਼ ਹਾਈਬ੍ਰਿਡ ਵੇਚੇਗਾ ਤਾਂ ਉਸ ਖਿਲਾਫ ਬੀਜ ਐਕਟ 1966 ਅਨੁਸਾਰ ਬਣਦੀ ਕਾਰਵਾਈ ਕੀਤੀ ਜਾਵੇਗੀ। ਇਸ ਮੌਕੇ ਡਾਕਟਰ ਰਾਜਵਿੰਦਰ ਕੁਮਾਰ ਖੇਤੀਬਾੜੀ ਵਿਕਾਸ ਅਫਸਰ (ਬੀਜ), ਡਾਕਟਰ ਵਿਜੇ ਕੁਮਾਰ ਖੇਤੀਬਾੜੀ ਵਿਕਾਸ ਅਫਸਰ (ਇਨਫੋਰਸਮੈਂਟ), ਮਹਿੰਦਰ ਪਾਲ ਸਿੰਘ ਖਾਲਸਾ ਪ੍ਰਧਾਨ ਪੈਸਟੀਸਾਈਡ ਯੂਨੀਅਨ, ਉੱਤਮ ਸਿੰਘ ਅਤੇ ਜ਼ਿਲ੍ਹੇ ਦੇ ਹੋਰ ਖਾਦ ਬੀਜ ਦਵਾਈ ਵਿਕਰੇਤਾ ਹਾਜ਼ਰ ਸਨ।
